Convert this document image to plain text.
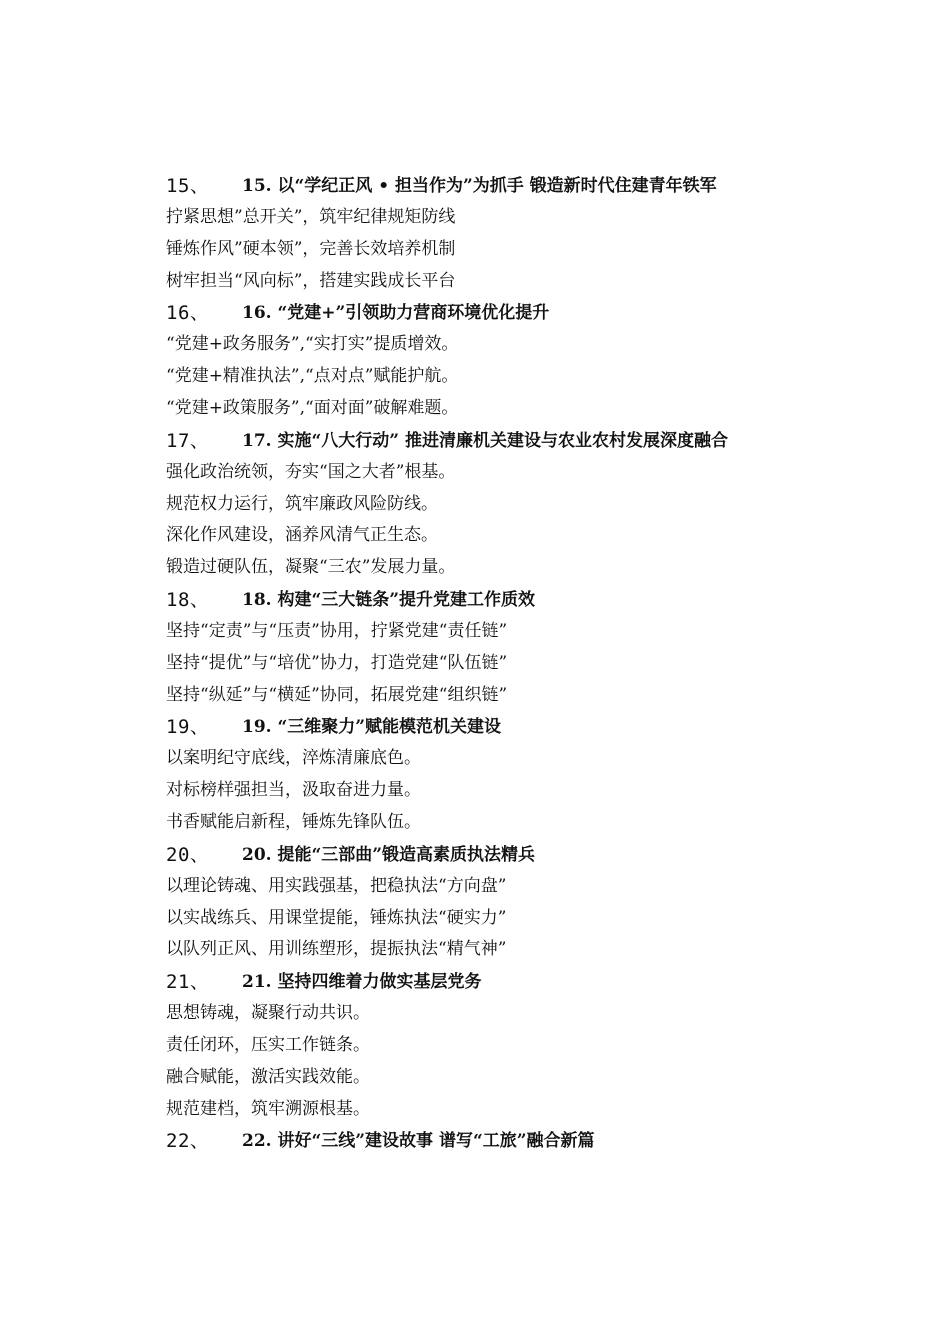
15、 15. 以“学纪正风 • 担当作为”为抓手 锻造新时代住建青年铁军
拧紧思想”总开关”，筑牢纪律规矩防线
锤炼作风”硬本领”，完善长效培养机制
树牢担当“风向标”，搭建实践成长平台
16、 16. “党建+”引领助力营商环境优化提升
“党建+政务服务”,“实打实”提质增效。
“党建+精准执法”,“点对点”赋能护航。
“党建+政策服务”,“面对面”破解难题。
17、 17. 实施“八大行动” 推进清廉机关建设与农业农村发展深度融合
强化政治统领，夯实“国之大者”根基。
规范权力运行，筑牢廉政风险防线。
深化作风建设，涵养风清气正生态。
锻造过硬队伍，凝聚“三农”发展力量。
18、 18. 构建“三大链条”提升党建工作质效
坚持“定责”与“压责”协用，拧紧党建“责任链”
坚持“提优”与“培优”协力，打造党建“队伍链”
坚持“纵延”与“横延”协同，拓展党建“组织链”
19、 19. “三维聚力”赋能模范机关建设
以案明纪守底线，淬炼清廉底色。
对标榜样强担当，汲取奋进力量。
书香赋能启新程，锤炼先锋队伍。
20、 20. 提能“三部曲”锻造高素质执法精兵
以理论铸魂、用实践强基，把稳执法“方向盘”
以实战练兵、用课堂提能，锤炼执法“硬实力”
以队列正风、用训练塑形，提振执法“精气神”
21、 21. 坚持四维着力做实基层党务
思想铸魂，凝聚行动共识。
责任闭环，压实工作链条。
融合赋能，激活实践效能。
规范建档，筑牢溯源根基。
22、 22. 讲好“三线”建设故事 谱写“工旅”融合新篇
